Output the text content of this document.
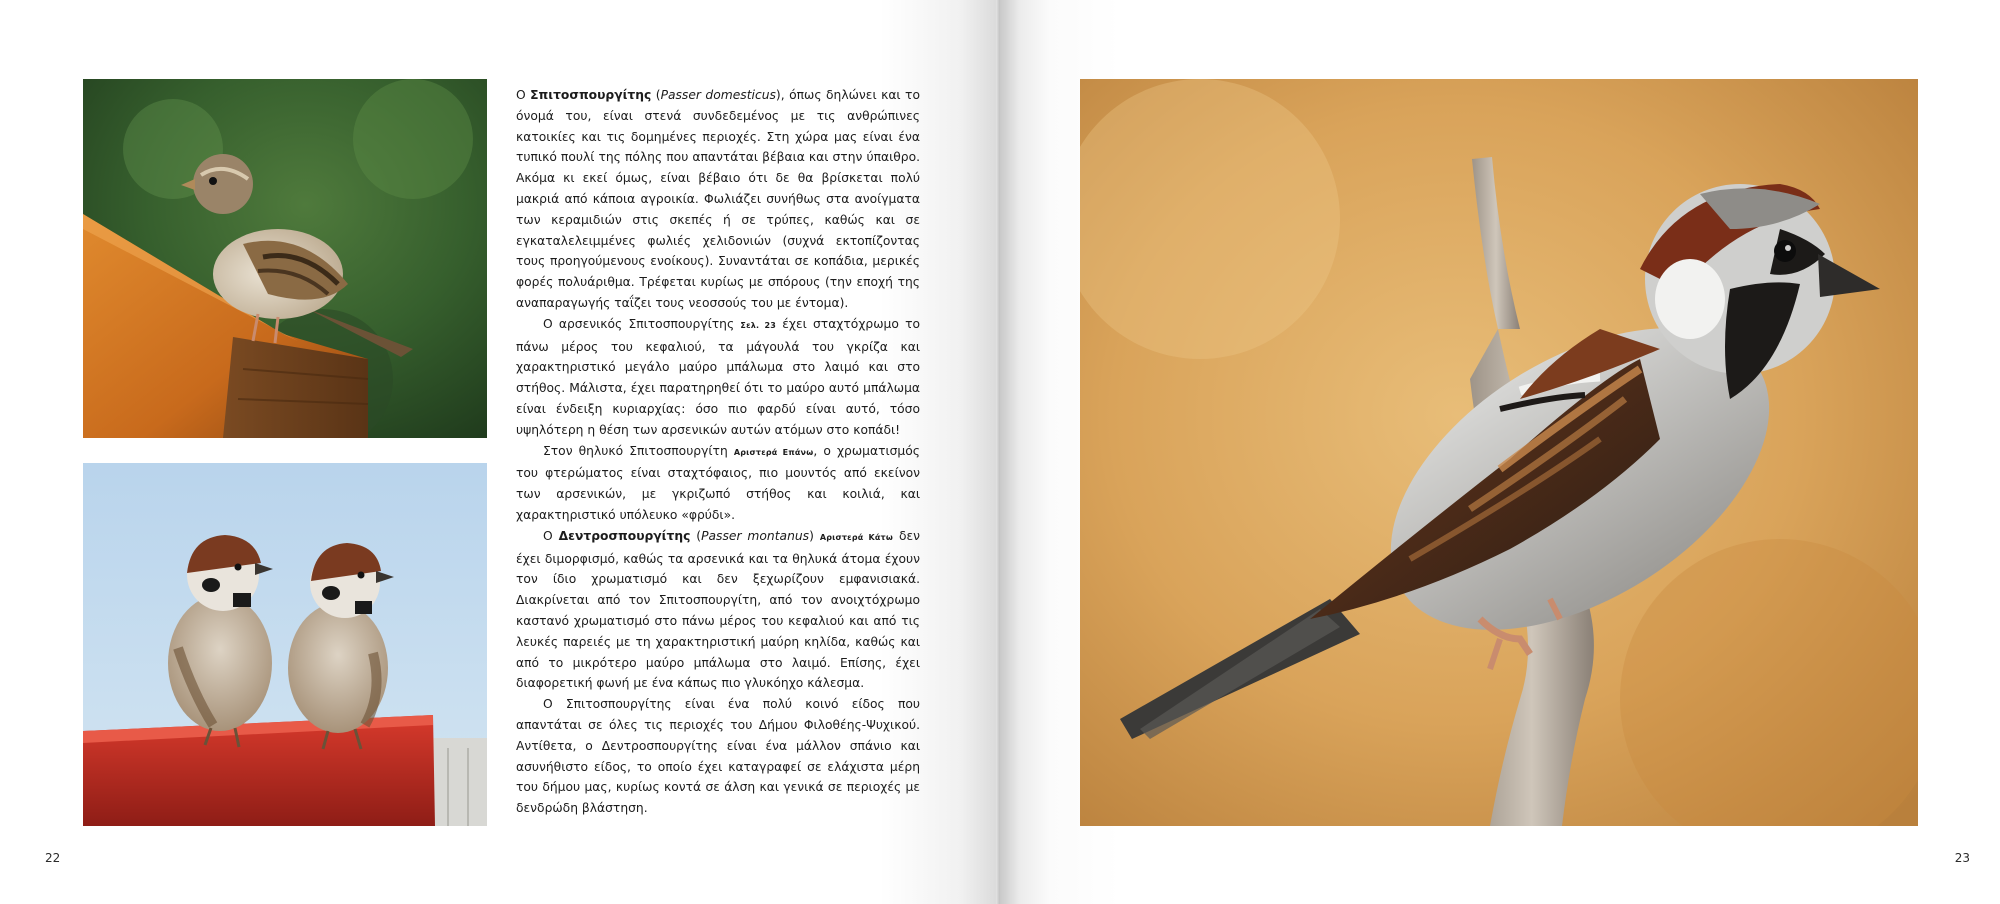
Ο Σπιτοσπουργίτης (Passer domesticus), όπως δηλώνει και το όνομά του, είναι στενά συνδεδεμένος με τις ανθρώπινες κατοικίες και τις δομημένες περιοχές. Στη χώρα μας είναι ένα τυπικό πουλί της πόλης που απαντάται βέβαια και στην ύπαιθρο. Ακόμα κι εκεί όμως, είναι βέβαιο ότι δε θα βρίσκεται πολύ μακριά από κάποια αγροικία. Φωλιάζει συνήθως στα ανοίγματα των κεραμιδιών στις σκεπές ή σε τρύπες, καθώς και σε εγκαταλελειμμένες φωλιές χελιδονιών (συχνά εκτοπίζοντας τους προηγούμενους ενοίκους). Συναντάται σε κοπάδια, μερικές φορές πολυάριθμα. Τρέφεται κυρίως με σπόρους (την εποχή της αναπαραγωγής ταΐζει τους νεοσσούς του με έντομα).

Ο αρσενικός Σπιτοσπουργίτης Σελ. 23 έχει σταχτόχρωμο το πάνω μέρος του κεφαλιού, τα μάγουλά του γκρίζα και χαρακτηριστικό μεγάλο μαύρο μπάλωμα στο λαιμό και στο στήθος. Μάλιστα, έχει παρατηρηθεί ότι το μαύρο αυτό μπάλωμα είναι ένδειξη κυριαρχίας: όσο πιο φαρδύ είναι αυτό, τόσο υψηλότερη η θέση των αρσενικών αυτών ατόμων στο κοπάδι!

Στον θηλυκό Σπιτοσπουργίτη Αριστερά Επάνω, ο χρωματισμός του φτερώματος είναι σταχτόφαιος, πιο μουντός από εκείνον των αρσενικών, με γκριζωπό στήθος και κοιλιά, και χαρακτηριστικό υπόλευκο «φρύδι».

Ο Δεντροσπουργίτης (Passer montanus) Αριστερά Κάτω δεν έχει διμορφισμό, καθώς τα αρσενικά και τα θηλυκά άτομα έχουν τον ίδιο χρωματισμό και δεν ξεχωρίζουν εμφανισιακά. Διακρίνεται από τον Σπιτοσπουργίτη, από τον ανοιχτόχρωμο καστανό χρωματισμό στο πάνω μέρος του κεφαλιού και από τις λευκές παρειές με τη χαρακτηριστική μαύρη κηλίδα, καθώς και από το μικρότερο μαύρο μπάλωμα στο λαιμό. Επίσης, έχει διαφορετική φωνή με ένα κάπως πιο γλυκόηχο κάλεσμα.

Ο Σπιτοσπουργίτης είναι ένα πολύ κοινό είδος που απαντάται σε όλες τις περιοχές του Δήμου Φιλοθέης-Ψυχικού. Αντίθετα, ο Δεντροσπουργίτης είναι ένα μάλλον σπάνιο και ασυνήθιστο είδος, το οποίο έχει καταγραφεί σε ελάχιστα μέρη του δήμου μας, κυρίως κοντά σε άλση και γενικά σε περιοχές με δενδρώδη βλάστηση.

22	23
